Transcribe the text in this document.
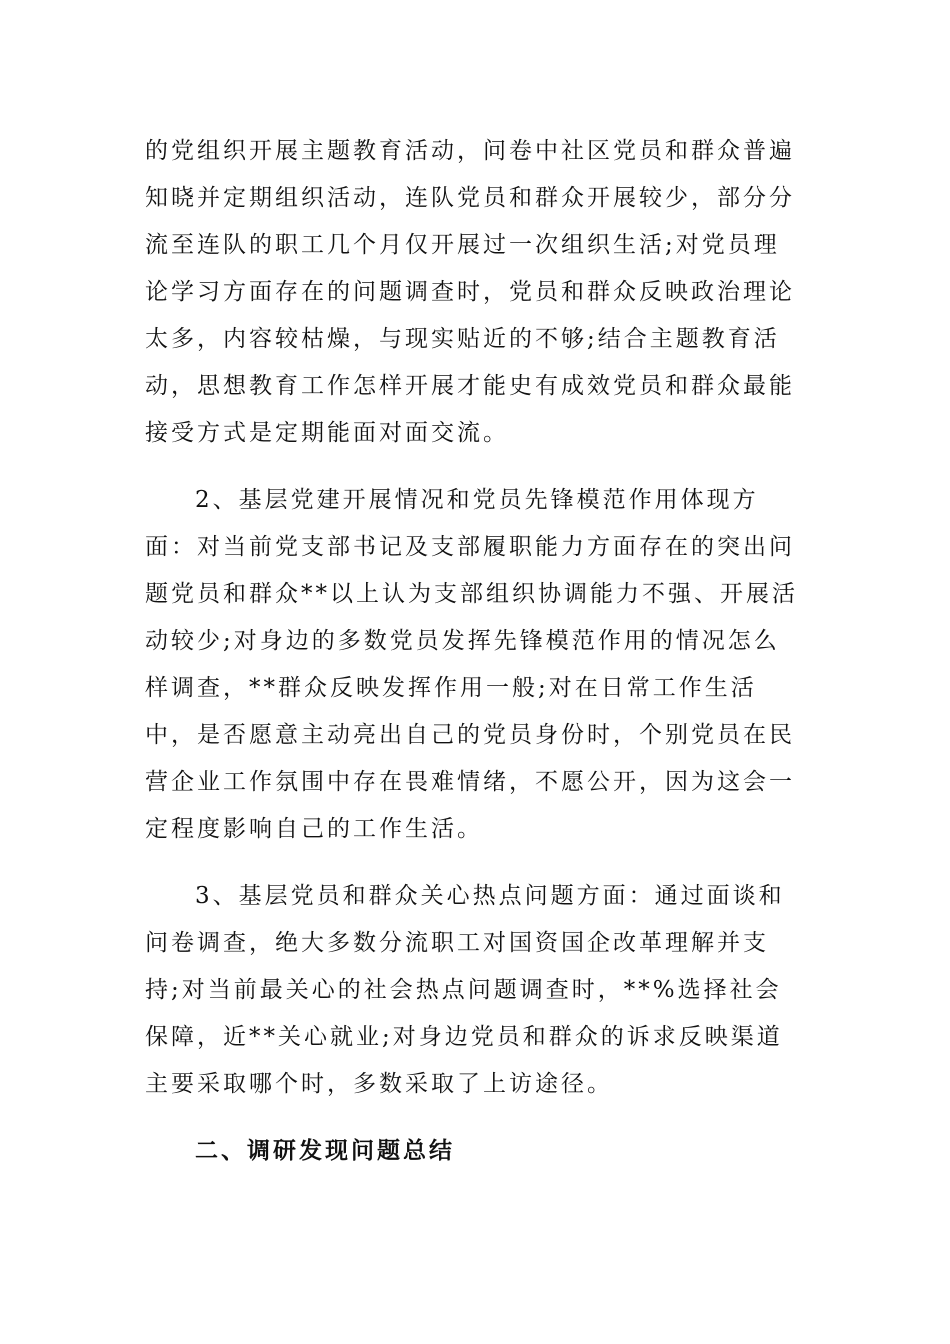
的党组织开展主题教育活动，问卷中社区党员和群众普遍知晓并定期组织活动，连队党员和群众开展较少，部分分流至连队的职工几个月仅开展过一次组织生活;对党员理论学习方面存在的问题调查时，党员和群众反映政治理论太多，内容较枯燥，与现实贴近的不够;结合主题教育活动，思想教育工作怎样开展才能史有成效党员和群众最能接受方式是定期能面对面交流。

2、基层党建开展情况和党员先锋模范作用体现方面：对当前党支部书记及支部履职能力方面存在的突出问题党员和群众**以上认为支部组织协调能力不强、开展活动较少;对身边的多数党员发挥先锋模范作用的情况怎么样调查，**群众反映发挥作用一般;对在日常工作生活中，是否愿意主动亮出自己的党员身份时，个别党员在民营企业工作氛围中存在畏难情绪，不愿公开，因为这会一定程度影响自己的工作生活。

3、基层党员和群众关心热点问题方面：通过面谈和问卷调查，绝大多数分流职工对国资国企改革理解并支持;对当前最关心的社会热点问题调查时，**%选择社会保障，近**关心就业;对身边党员和群众的诉求反映渠道主要采取哪个时，多数采取了上访途径。

二、调研发现问题总结
